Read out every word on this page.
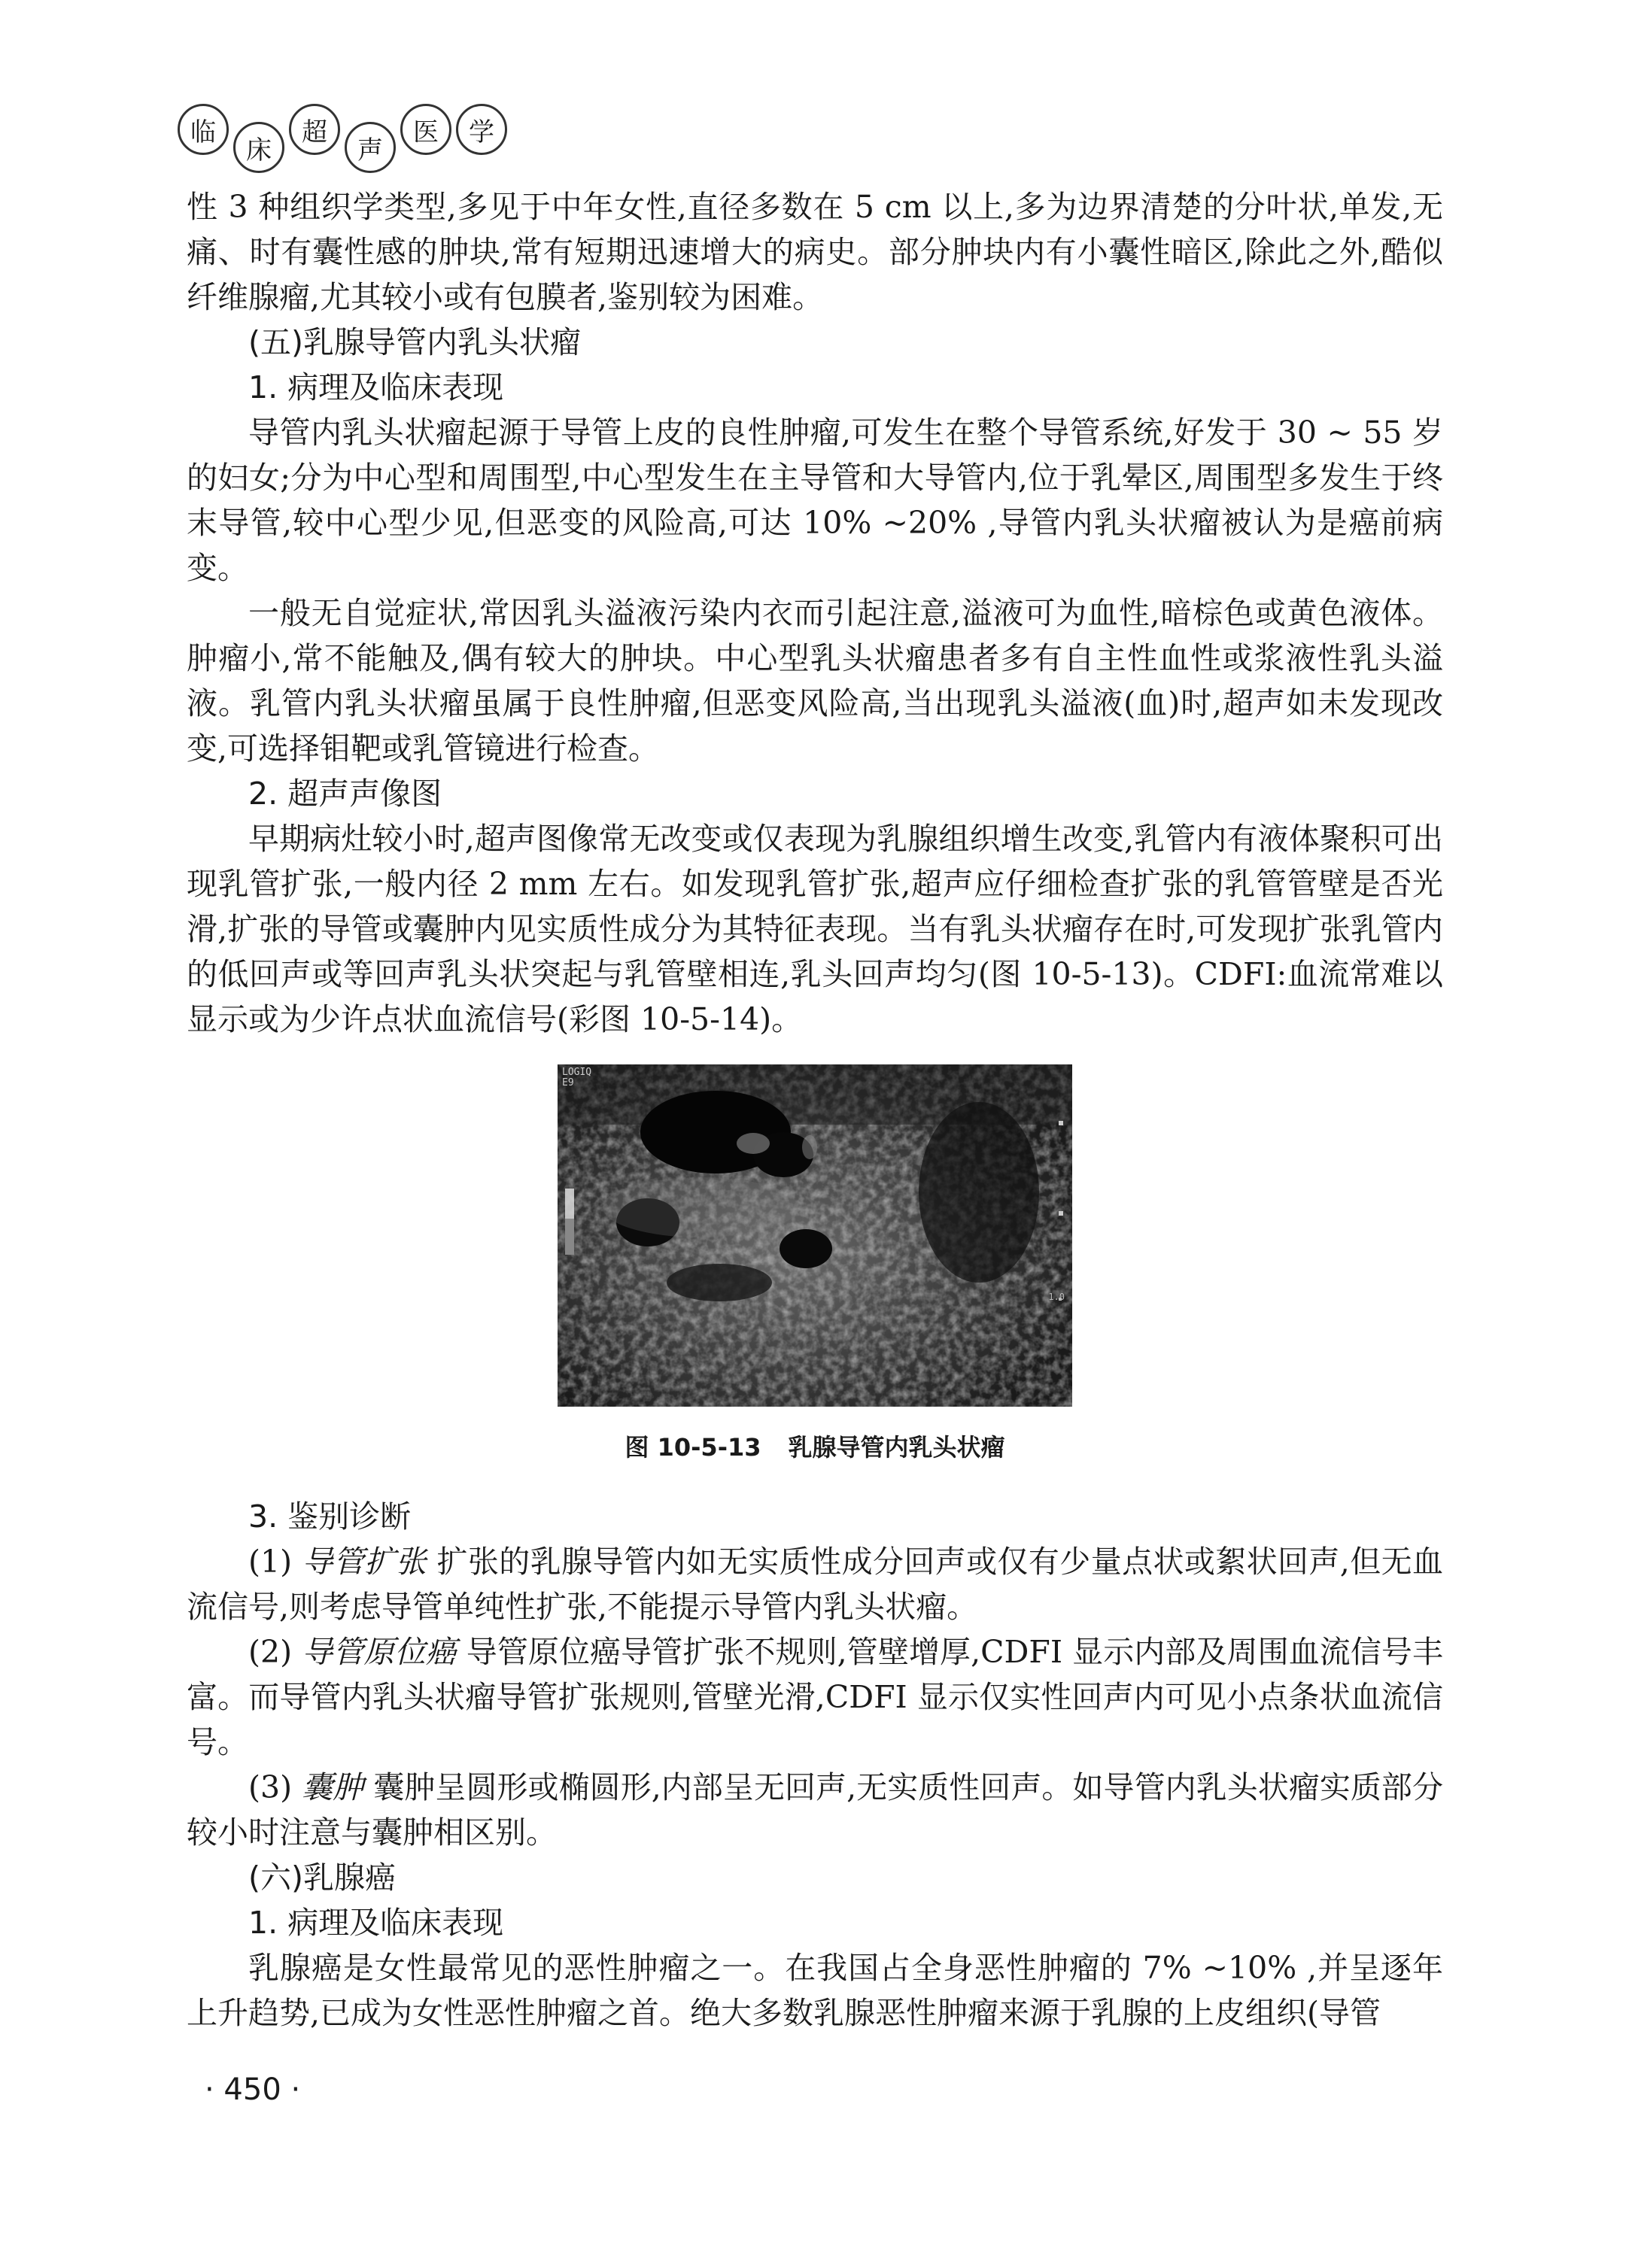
临
床
超
声
医	学

性 3 种组织学类型,多见于中年女性,直径多数在 5 cm 以上,多为边界清楚的分叶状,单发,无痛、时有囊性感的肿块,常有短期迅速增大的病史。部分肿块内有小囊性暗区,除此之外,酷似纤维腺瘤,尤其较小或有包膜者,鉴别较为困难。

(五)乳腺导管内乳头状瘤

1. 病理及临床表现

导管内乳头状瘤起源于导管上皮的良性肿瘤,可发生在整个导管系统,好发于 30 ~ 55 岁的妇女;分为中心型和周围型,中心型发生在主导管和大导管内,位于乳晕区,周围型多发生于终末导管,较中心型少见,但恶变的风险高,可达 10% ~20% ,导管内乳头状瘤被认为是癌前病变。

一般无自觉症状,常因乳头溢液污染内衣而引起注意,溢液可为血性,暗棕色或黄色液体。肿瘤小,常不能触及,偶有较大的肿块。中心型乳头状瘤患者多有自主性血性或浆液性乳头溢液。乳管内乳头状瘤虽属于良性肿瘤,但恶变风险高,当出现乳头溢液(血)时,超声如未发现改变,可选择钼靶或乳管镜进行检查。

2. 超声声像图

早期病灶较小时,超声图像常无改变或仅表现为乳腺组织增生改变,乳管内有液体聚积可出现乳管扩张,一般内径 2 mm 左右。如发现乳管扩张,超声应仔细检查扩张的乳管管壁是否光滑,扩张的导管或囊肿内见实质性成分为其特征表现。当有乳头状瘤存在时,可发现扩张乳管内的低回声或等回声乳头状突起与乳管壁相连,乳头回声均匀(图 10-5-13)。CDFI:血流常难以显示或为少许点状血流信号(彩图 10-5-14)。

LOGIQ
E9
1.0
图 10-5-13 乳腺导管内乳头状瘤

3. 鉴别诊断

(1) 导管扩张 扩张的乳腺导管内如无实质性成分回声或仅有少量点状或絮状回声,但无血流信号,则考虑导管单纯性扩张,不能提示导管内乳头状瘤。

(2) 导管原位癌 导管原位癌导管扩张不规则,管壁增厚,CDFI 显示内部及周围血流信号丰富。而导管内乳头状瘤导管扩张规则,管壁光滑,CDFI 显示仅实性回声内可见小点条状血流信号。

(3) 囊肿 囊肿呈圆形或椭圆形,内部呈无回声,无实质性回声。如导管内乳头状瘤实质部分较小时注意与囊肿相区别。

(六)乳腺癌

1. 病理及临床表现

乳腺癌是女性最常见的恶性肿瘤之一。在我国占全身恶性肿瘤的 7% ~10% ,并呈逐年上升趋势,已成为女性恶性肿瘤之首。绝大多数乳腺恶性肿瘤来源于乳腺的上皮组织(导管

· 450 ·
